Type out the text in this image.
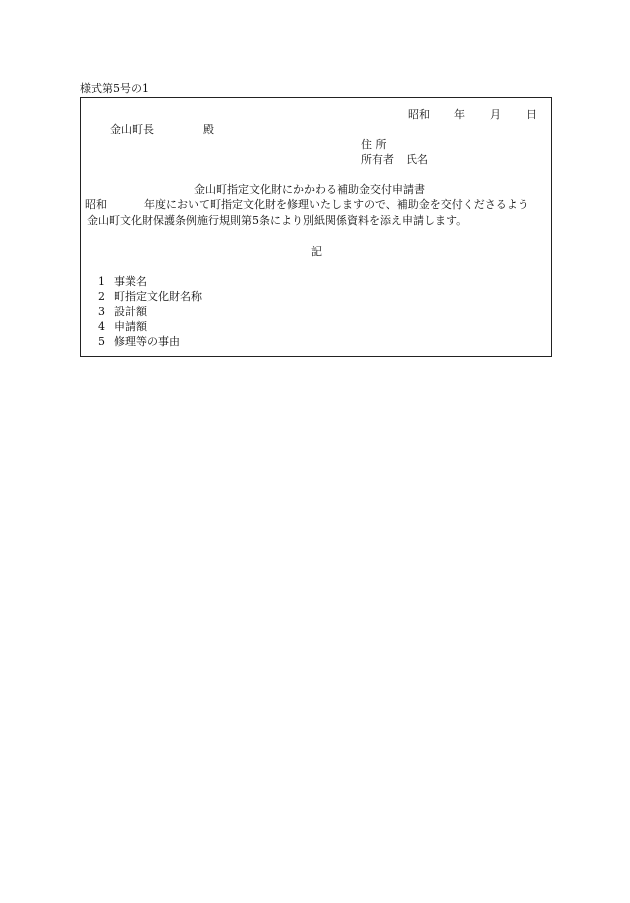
様式第5号の1
昭和 年 月 日
金山町長	殿
住 所
所有者 氏名
金山町指定文化財にかかわる補助金交付申請書
昭和	年度において町指定文化財を修理いたしますので、補助金を交付くださるよう
金山町文化財保護条例施行規則第5条により別紙関係資料を添え申請します。
記
1 事業名
2 町指定文化財名称
3 設計額
4 申請額
5 修理等の事由
